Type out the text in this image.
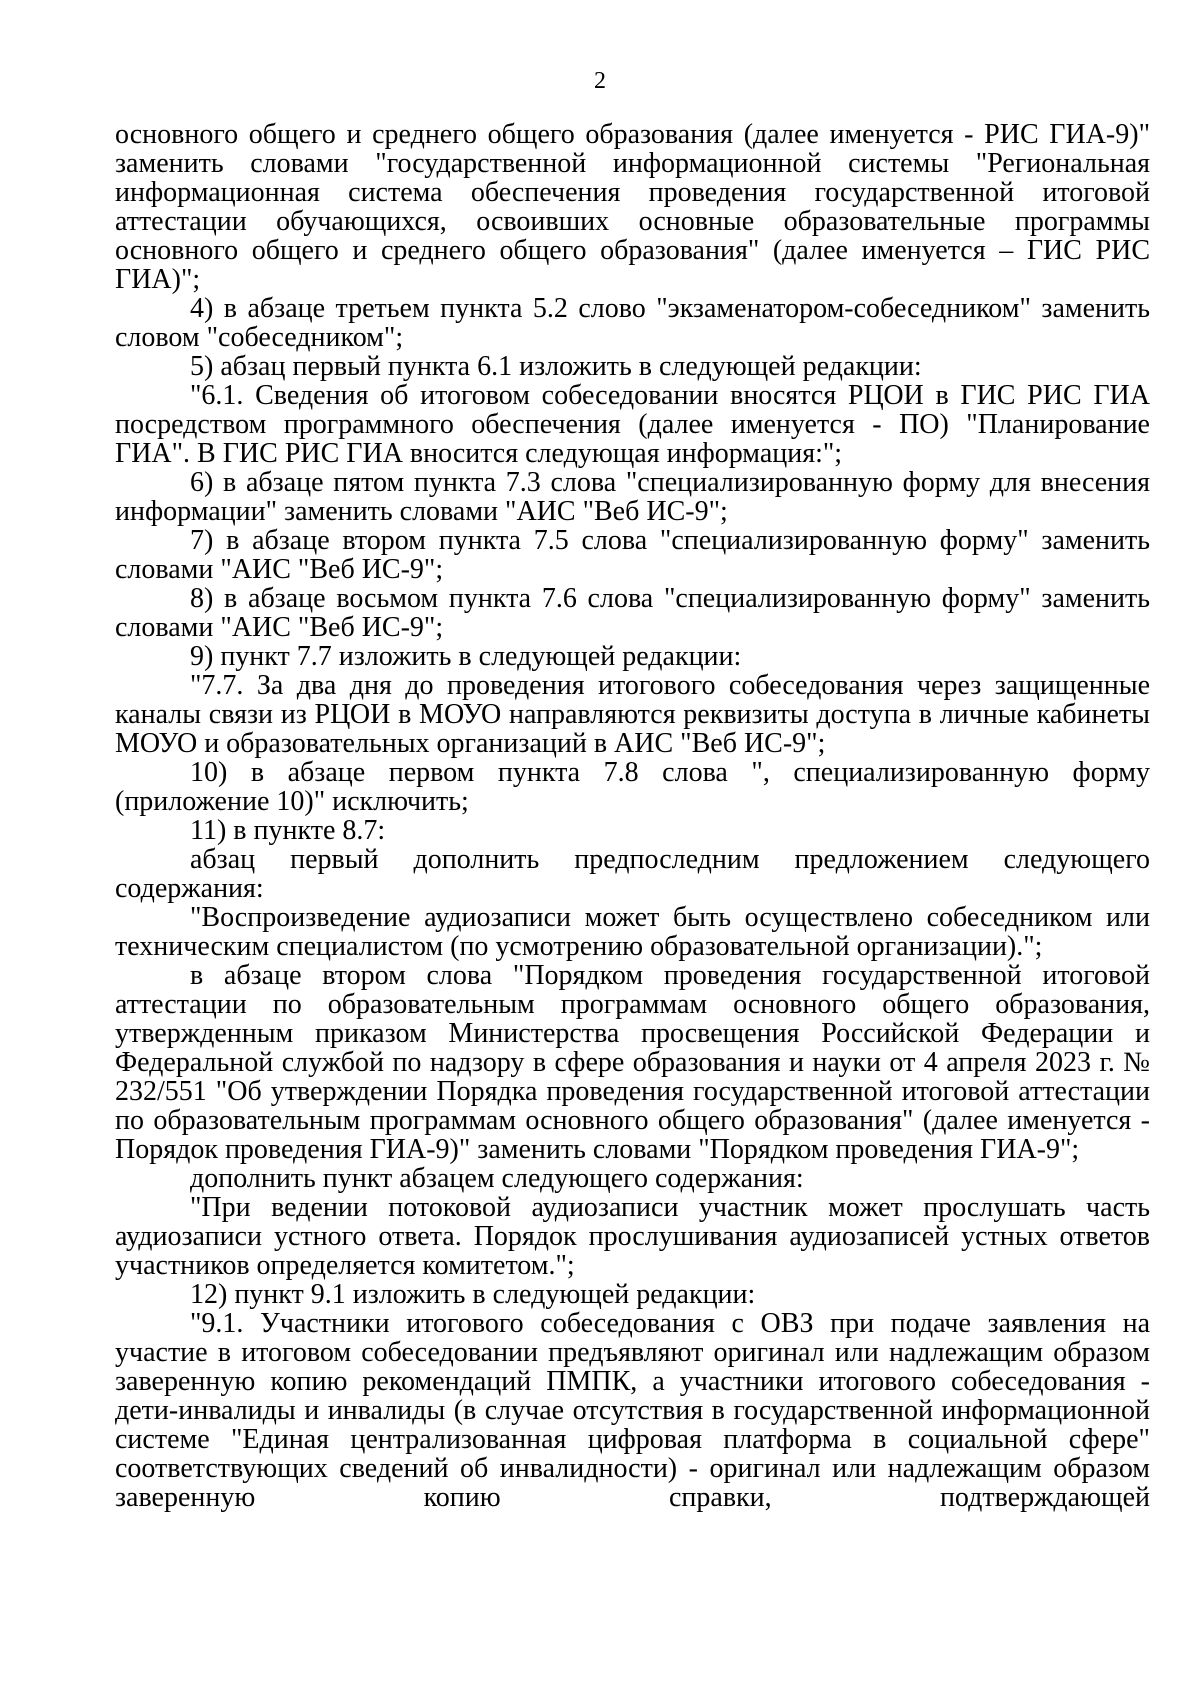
2

основного общего и среднего общего образования (далее именуется - РИС ГИА-9)" заменить словами "государственной информационной системы "Региональная информационная система обеспечения проведения государственной итоговой аттестации обучающихся, освоивших основные образовательные программы основного общего и среднего общего образования" (далее именуется – ГИС РИС ГИА)";

4) в абзаце третьем пункта 5.2 слово "экзаменатором-собеседником" заменить словом "собеседником";

5) абзац первый пункта 6.1 изложить в следующей редакции:

"6.1. Сведения об итоговом собеседовании вносятся РЦОИ в ГИС РИС ГИА посредством программного обеспечения (далее именуется - ПО) "Планирование ГИА". В ГИС РИС ГИА вносится следующая информация:";

6) в абзаце пятом пункта 7.3 слова "специализированную форму для внесения информации" заменить словами "АИС "Веб ИС-9";

7) в абзаце втором пункта 7.5 слова "специализированную форму" заменить словами "АИС "Веб ИС-9";

8) в абзаце восьмом пункта 7.6 слова "специализированную форму" заменить словами "АИС "Веб ИС-9";

9) пункт 7.7 изложить в следующей редакции:

"7.7. За два дня до проведения итогового собеседования через защищенные каналы связи из РЦОИ в МОУО направляются реквизиты доступа в личные кабинеты МОУО и образовательных организаций в АИС "Веб ИС-9";

10) в абзаце первом пункта 7.8 слова ", специализированную форму (приложение 10)" исключить;

11) в пункте 8.7:

абзац первый дополнить предпоследним предложением следующего содержания:

"Воспроизведение аудиозаписи может быть осуществлено собеседником или техническим специалистом (по усмотрению образовательной организации).";

в абзаце втором слова "Порядком проведения государственной итоговой аттестации по образовательным программам основного общего образования, утвержденным приказом Министерства просвещения Российской Федерации и Федеральной службой по надзору в сфере образования и науки от 4 апреля 2023 г. № 232/551 "Об утверждении Порядка проведения государственной итоговой аттестации по образовательным программам основного общего образования" (далее именуется - Порядок проведения ГИА-9)" заменить словами "Порядком проведения ГИА-9";

дополнить пункт абзацем следующего содержания:

"При ведении потоковой аудиозаписи участник может прослушать часть аудиозаписи устного ответа. Порядок прослушивания аудиозаписей устных ответов участников определяется комитетом.";

12) пункт 9.1 изложить в следующей редакции:

"9.1. Участники итогового собеседования с ОВЗ при подаче заявления на участие в итоговом собеседовании предъявляют оригинал или надлежащим образом заверенную копию рекомендаций ПМПК, а участники итогового собеседования - дети-инвалиды и инвалиды (в случае отсутствия в государственной информационной системе "Единая централизованная цифровая платформа в социальной сфере" соответствующих сведений об инвалидности) - оригинал или надлежащим образом заверенную копию справки, подтверждающей
